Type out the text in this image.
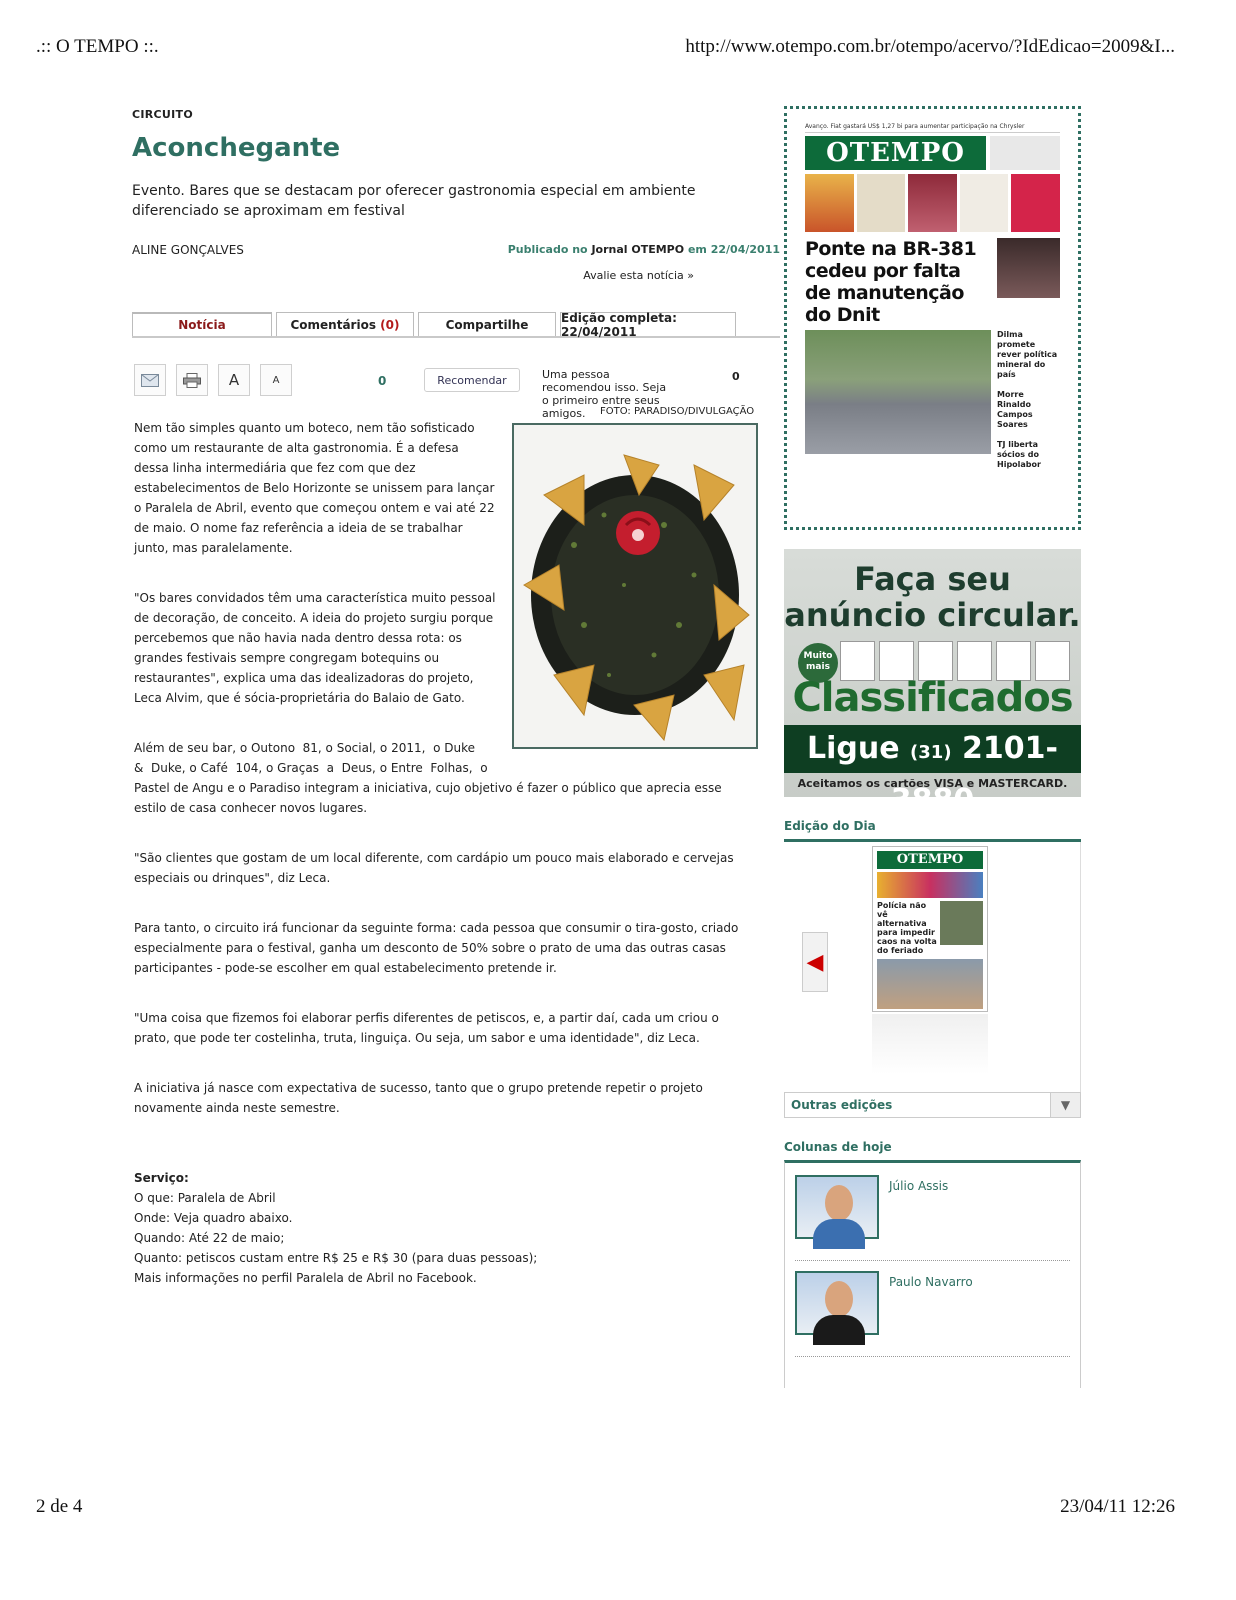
.:: O TEMPO ::.	http://www.otempo.com.br/otempo/acervo/?IdEdicao=2009&I...
CIRCUITO
Aconchegante
Evento. Bares que se destacam por oferecer gastronomia especial em ambiente diferenciado se aproximam em festival
ALINE GONÇALVES	Publicado no Jornal OTEMPO em 22/04/2011
Avalie esta notícia »
Notícia	Comentários
(0)	Compartilhe	Edição completa: 22/04/2011
A	A	0	Recomendar	Uma pessoa recomendou isso. Seja o primeiro entre seus amigos.
0
FOTO: PARADISO/DIVULGAÇÃO

Nem tão simples quanto um boteco, nem tão sofisticado como um restaurante de alta gastronomia. É a defesa dessa linha intermediária que fez com que dez estabelecimentos de Belo Horizonte se unissem para lançar o Paralela de Abril, evento que começou ontem e vai até 22 de maio. O nome faz referência a ideia de se trabalhar junto, mas paralelamente.

"Os bares convidados têm uma característica muito pessoal de decoração, de conceito. A ideia do projeto surgiu porque percebemos que não havia nada dentro dessa rota: os grandes festivais sempre congregam botequins ou restaurantes", explica uma das idealizadoras do projeto, Leca Alvim, que é sócia-proprietária do Balaio de Gato.

Além de seu bar, o Outono  81, o Social, o 2011,  o Duke
&  Duke, o Café  104, o Graças  a  Deus, o Entre  Folhas,  o

Pastel de Angu e o Paradiso integram a iniciativa, cujo objetivo é fazer o público que aprecia esse estilo de casa conhecer novos lugares.

"São clientes que gostam de um local diferente, com cardápio um pouco mais elaborado e cervejas especiais ou drinques", diz Leca.

Para tanto, o circuito irá funcionar da seguinte forma: cada pessoa que consumir o tira-gosto, criado especialmente para o festival, ganha um desconto de 50% sobre o prato de uma das outras casas participantes - pode-se escolher em qual estabelecimento pretende ir.

"Uma coisa que fizemos foi elaborar perfis diferentes de petiscos, e, a partir daí, cada um criou o prato, que pode ter costelinha, truta, linguiça. Ou seja, um sabor e uma identidade", diz Leca.

A iniciativa já nasce com expectativa de sucesso, tanto que o grupo pretende repetir o projeto novamente ainda neste semestre.

Serviço:
O que: Paralela de Abril
Onde: Veja quadro abaixo.
Quando: Até 22 de maio;
Quanto: petiscos custam entre R$ 25 e R$ 30 (para duas pessoas);
Mais informações no perfil Paralela de Abril no Facebook.
Avanço. Fiat gastará US$ 1,27 bi para aumentar participação na Chrysler
OTEMPO
Ponte na BR-381 cedeu por falta de manutenção do Dnit
Dilma promete rever política mineral do país
Morre Rinaldo Campos Soares
TJ liberta sócios do Hipolabor
Faça seu anúncio circular.
Muito mais
Classificados
Ligue (31) 2101-3880
Aceitamos os cartões VISA e MASTERCARD.
Edição do Dia
◀
OTEMPO
Polícia não vê alternativa para impedir caos na volta do feriado
Outras edições	▼
Colunas de hoje
Júlio Assis
Paulo Navarro
2 de 4	23/04/11 12:26
